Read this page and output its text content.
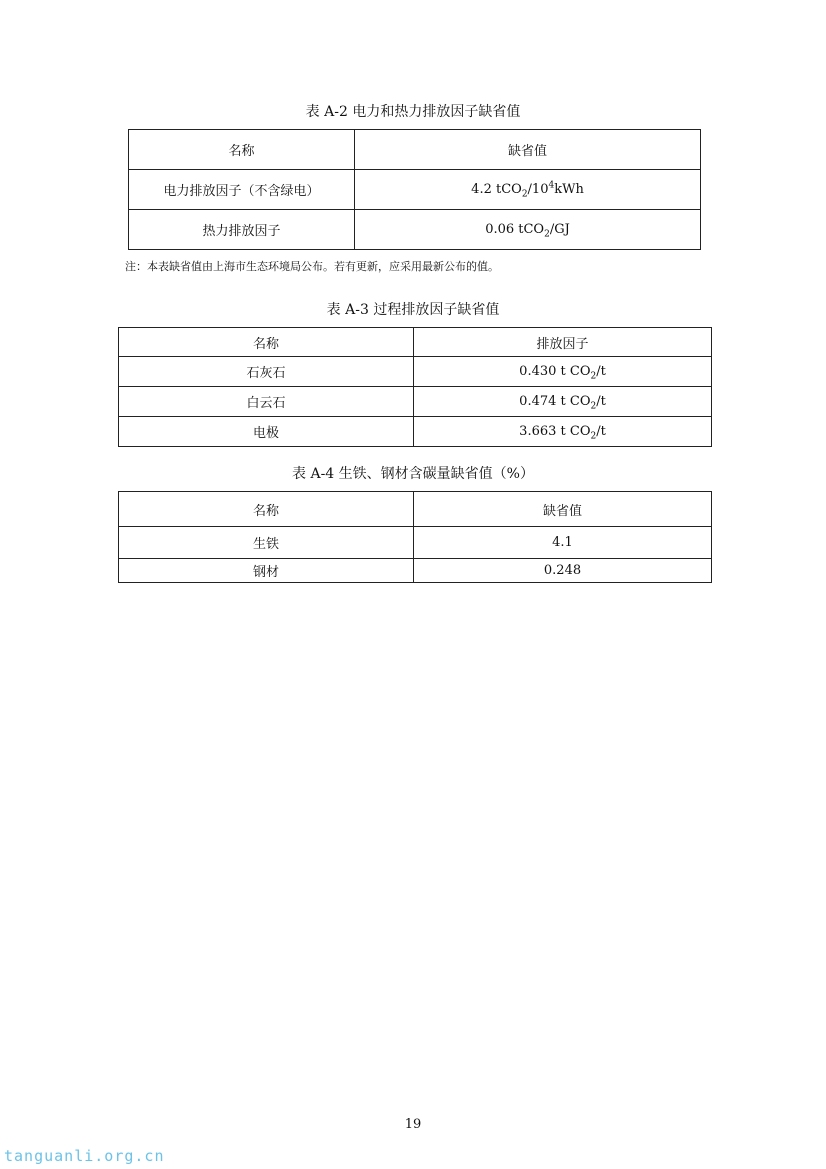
表 A-2 电力和热力排放因子缺省值
名称	缺省值
电力排放因子（不含绿电）	4.2 $tCO_2/10^4kWh$
热力排放因子	0.06 tCO$_2$/GJ
注：本表缺省值由上海市生态环境局公布。若有更新，应采用最新公布的值。
表 A-3 过程排放因子缺省值
名称	排放因子
石灰石	0.430 t $CO_2/t$
白云石	0.474 t $CO_2/t$
电极	3.663 t $CO_2/t$
表 A-4 生铁、钢材含碳量缺省值（%）
名称	缺省值
生铁	4.1
钢材	0.248
19
tanguanli.org.cn
